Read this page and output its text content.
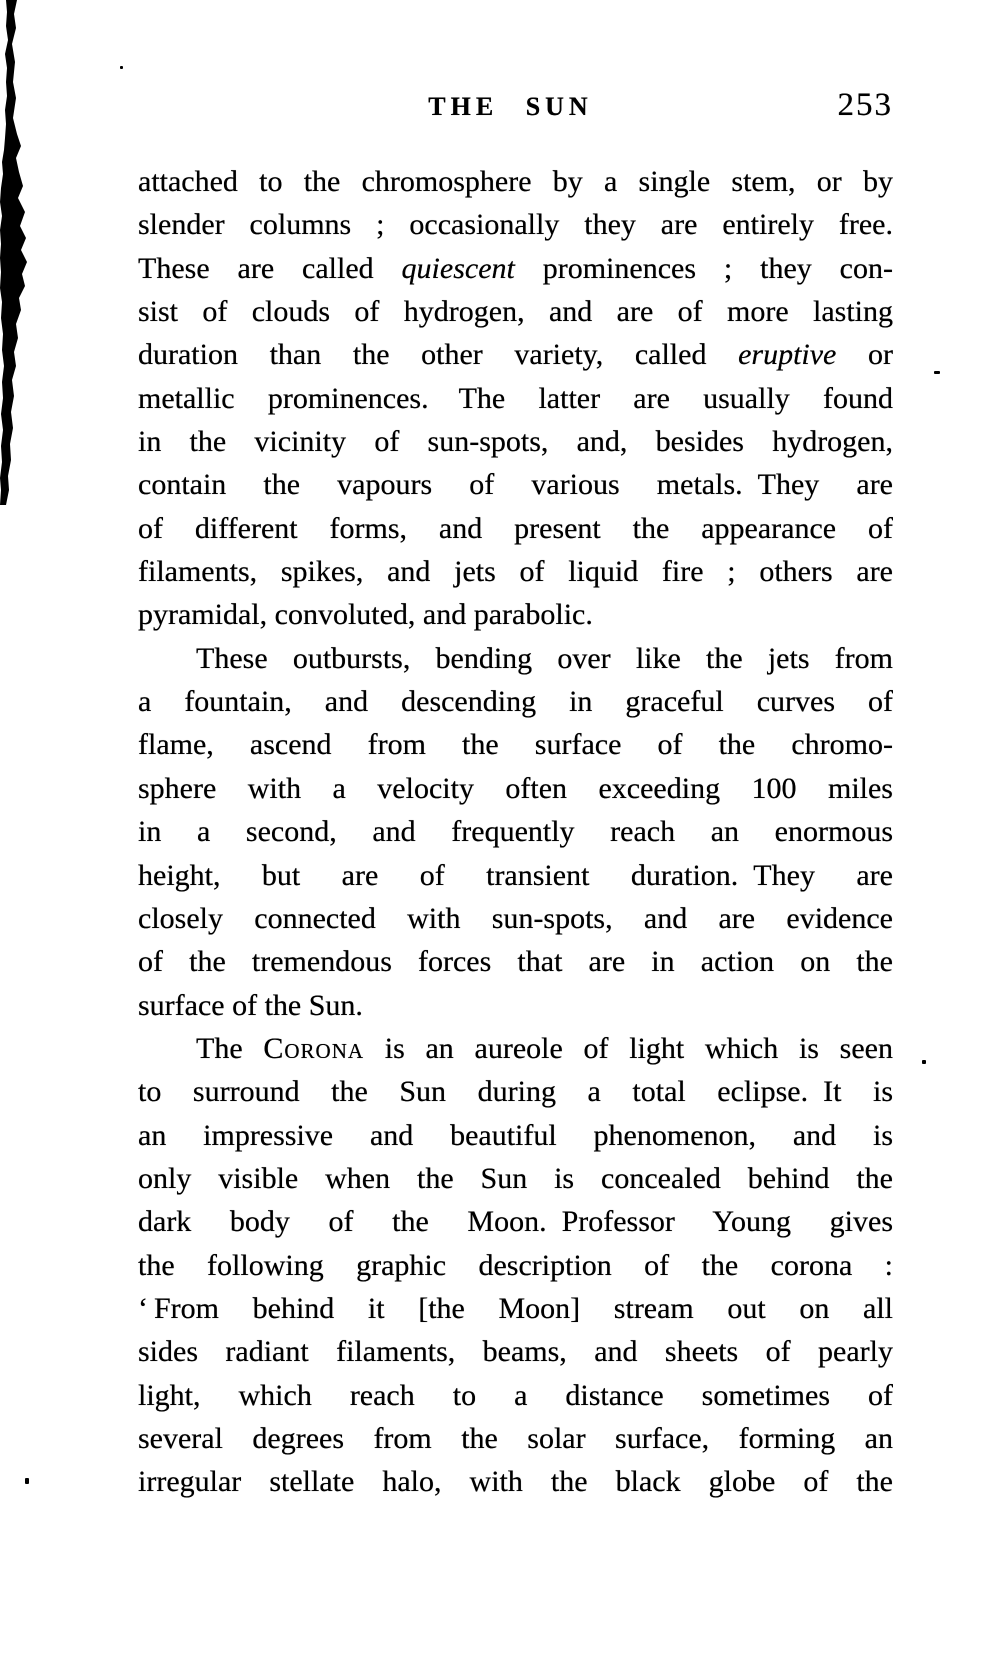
THE SUN	253
attached to the chromosphere by a single stem, or by
slender columns ; occasionally they are entirely free.
These are called quiescent prominences ; they con-
sist of clouds of hydrogen, and are of more lasting
duration than the other variety, called eruptive or
metallic prominences. The latter are usually found
in the vicinity of sun-spots, and, besides hydrogen,
contain the vapours of various metals. They are
of different forms, and present the appearance of
filaments, spikes, and jets of liquid fire ; others are
pyramidal, convoluted, and parabolic.
These outbursts, bending over like the jets from
a fountain, and descending in graceful curves of
flame, ascend from the surface of the chromo-
sphere with a velocity often exceeding 100 miles
in a second, and frequently reach an enormous
height, but are of transient duration. They are
closely connected with sun-spots, and are evidence
of the tremendous forces that are in action on the
surface of the Sun.
The Corona is an aureole of light which is seen
to surround the Sun during a total eclipse. It is
an impressive and beautiful phenomenon, and is
only visible when the Sun is concealed behind the
dark body of the Moon. Professor Young gives
the following graphic description of the corona :
‘ From behind it [the Moon] stream out on all
sides radiant filaments, beams, and sheets of pearly
light, which reach to a distance sometimes of
several degrees from the solar surface, forming an
irregular stellate halo, with the black globe of the
